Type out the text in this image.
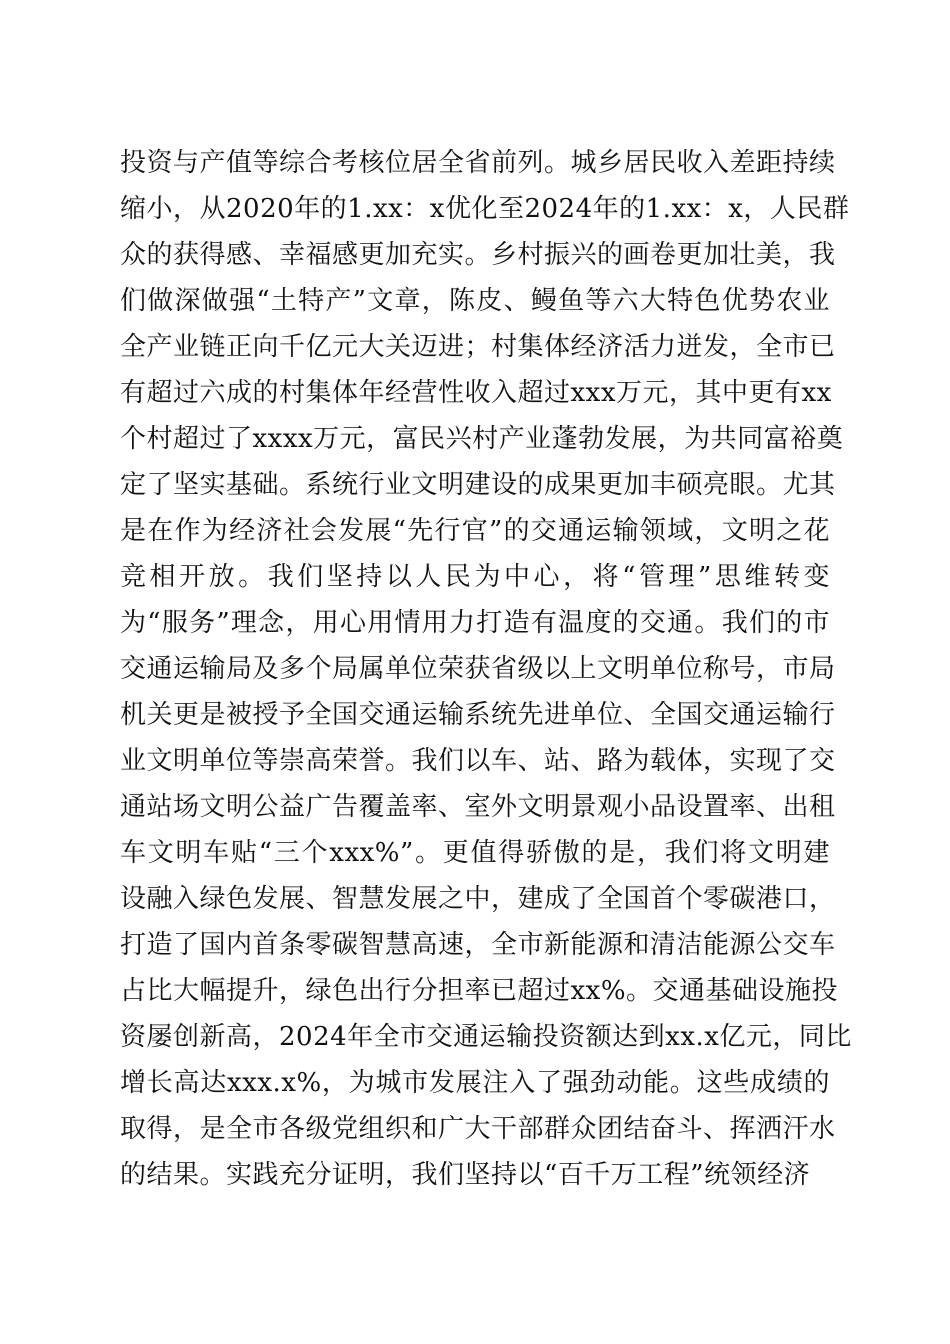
投资与产值等综合考核位居全省前列。城乡居民收入差距持续
缩小，从2020年的1.xx：x优化至2024年的1.xx：x，人民群
众的获得感、幸福感更加充实。乡村振兴的画卷更加壮美，我
们做深做强“土特产”文章，陈皮、鳗鱼等六大特色优势农业
全产业链正向千亿元大关迈进；村集体经济活力迸发，全市已
有超过六成的村集体年经营性收入超过xxx万元，其中更有xx
个村超过了xxxx万元，富民兴村产业蓬勃发展，为共同富裕奠
定了坚实基础。系统行业文明建设的成果更加丰硕亮眼。尤其
是在作为经济社会发展“先行官”的交通运输领域，文明之花
竞相开放。我们坚持以人民为中心，将“管理”思维转变
为“服务”理念，用心用情用力打造有温度的交通。我们的市
交通运输局及多个局属单位荣获省级以上文明单位称号，市局
机关更是被授予全国交通运输系统先进单位、全国交通运输行
业文明单位等崇高荣誉。我们以车、站、路为载体，实现了交
通站场文明公益广告覆盖率、室外文明景观小品设置率、出租
车文明车贴“三个xxx%”。更值得骄傲的是，我们将文明建
设融入绿色发展、智慧发展之中，建成了全国首个零碳港口，
打造了国内首条零碳智慧高速，全市新能源和清洁能源公交车
占比大幅提升，绿色出行分担率已超过xx%。交通基础设施投
资屡创新高，2024年全市交通运输投资额达到xx.x亿元，同比
增长高达xxx.x%，为城市发展注入了强劲动能。这些成绩的
取得，是全市各级党组织和广大干部群众团结奋斗、挥洒汗水
的结果。实践充分证明，我们坚持以“百千万工程”统领经济
